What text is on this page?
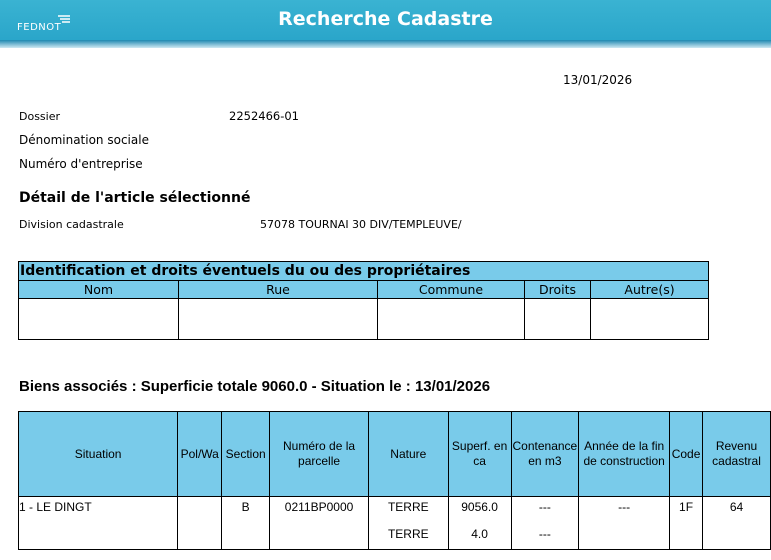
FEDNOT	Recherche Cadastre
13/01/2026
Dossier	2252466-01
Dénomination sociale
Numéro d'entreprise
Détail de l'article sélectionné
Division cadastrale	57078 TOURNAI 30 DIV/TEMPLEUVE/
Identification et droits éventuels du ou des propriétaires				
Nom	Rue	Commune	Droits	Autre(s)

Biens associés : Superficie totale 9060.0 - Situation le : 13/01/2026
Situation	Pol/Wa	Section	Numéro de la parcelle	Nature	Superf. en ca	Contenance en m3	Année de la fin de construction	Code	Revenu cadastral
1 - LE DINGT		B	0211BP0000	TERRE	9056.0	---	---	1F	64
				TERRE	4.0	---			
